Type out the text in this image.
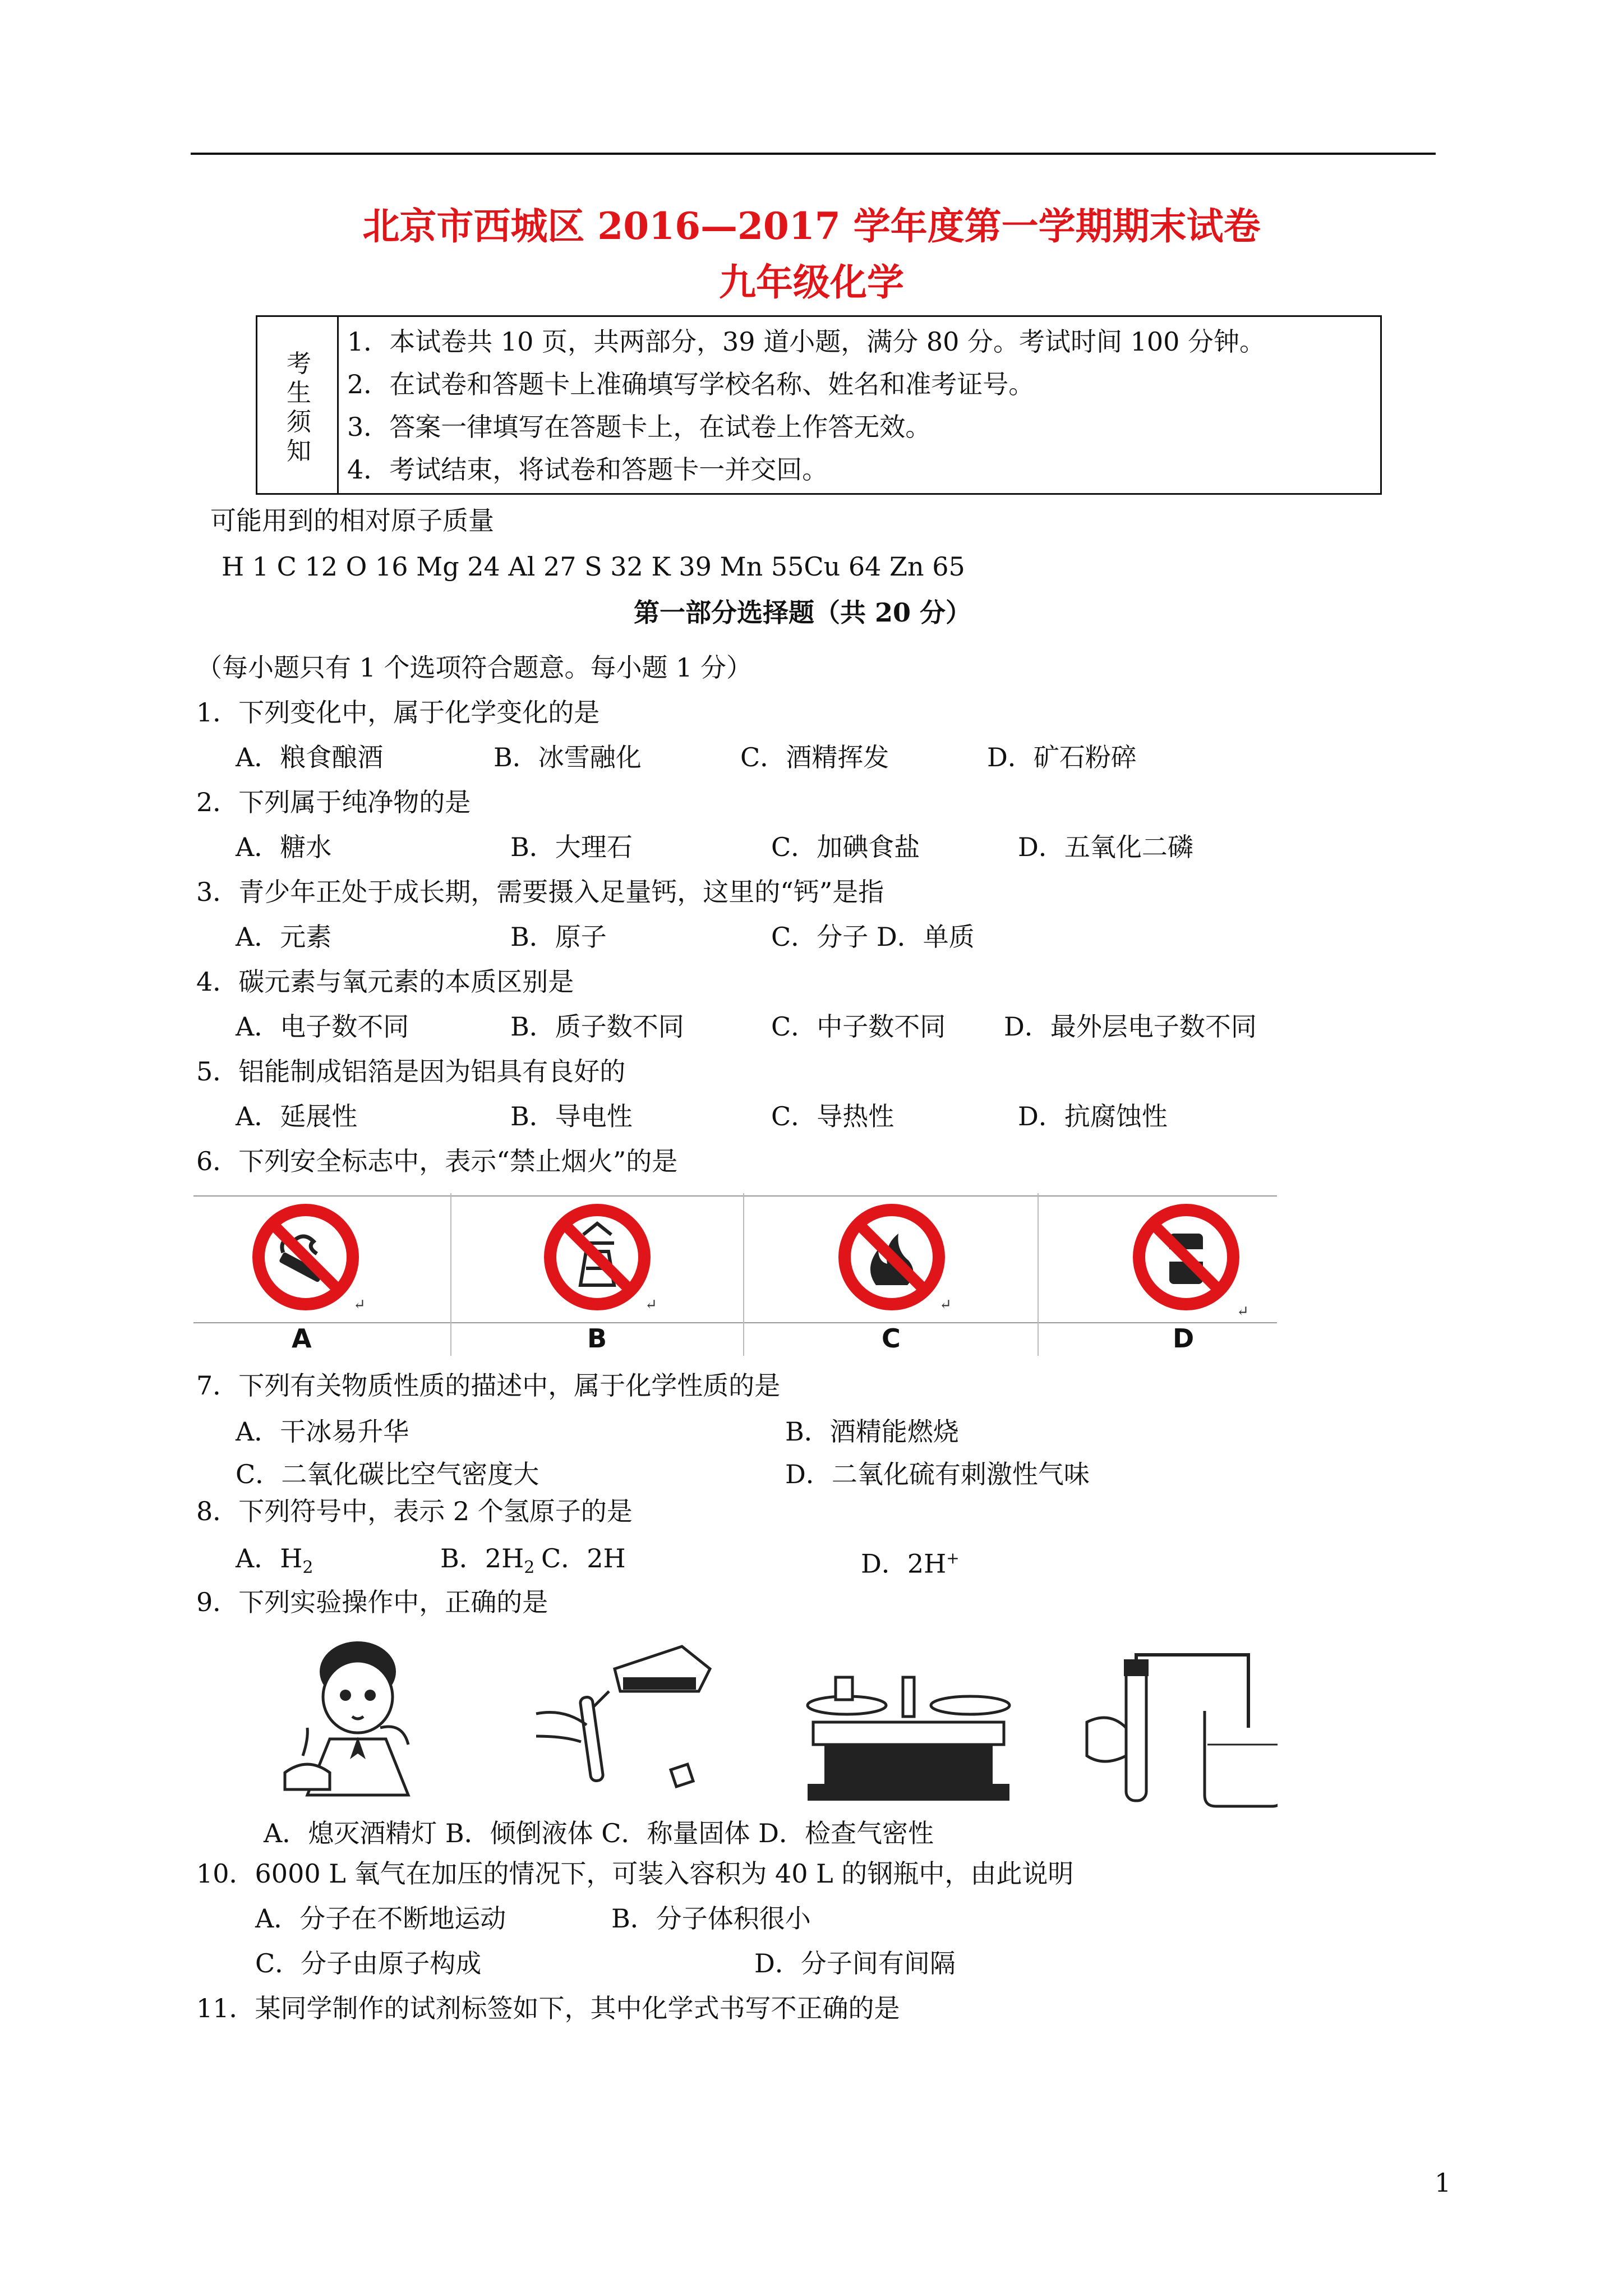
北京市西城区 2016—2017 学年度第一学期期末试卷
九年级化学
考
生
须
知
1．本试卷共 10 页，共两部分，39 道小题，满分 80 分。考试时间 100 分钟。
2．在试卷和答题卡上准确填写学校名称、姓名和准考证号。
3．答案一律填写在答题卡上，在试卷上作答无效。
4．考试结束，将试卷和答题卡一并交回。
可能用到的相对原子质量
H 1 C 12 O 16 Mg 24 Al 27 S 32 K 39 Mn 55Cu 64 Zn 65
第一部分选择题（共 20 分）
（每小题只有 1 个选项符合题意。每小题 1 分）
1．下列变化中，属于化学变化的是
A．粮食酿酒	B．冰雪融化	C．酒精挥发	D．矿石粉碎
2．下列属于纯净物的是
A．糖水	B．大理石	C．加碘食盐	D．五氧化二磷
3．青少年正处于成长期，需要摄入足量钙，这里的“钙”是指
A．元素	B．原子	C．分子 D．单质
4．碳元素与氧元素的本质区别是
A．电子数不同	B．质子数不同	C．中子数不同 D．最外层电子数不同
5．铝能制成铝箔是因为铝具有良好的
A．延展性	B．导电性	C．导热性	D．抗腐蚀性
6．下列安全标志中，表示“禁止烟火”的是
↵	↵	↵	↵
A	B	C	D
7．下列有关物质性质的描述中，属于化学性质的是
A．干冰易升华	B．酒精能燃烧
C．二氧化碳比空气密度大	D．二氧化硫有刺激性气味
8．下列符号中，表示 2 个氢原子的是
A．$H_2$	B．$2H_2$ C．2H	D．2H+
9．下列实验操作中，正确的是
A．熄灭酒精灯 B．倾倒液体 C．称量固体 D．检查气密性
10．6000 L 氧气在加压的情况下，可装入容积为 40 L 的钢瓶中，由此说明
A．分子在不断地运动	B．分子体积很小
C．分子由原子构成	D．分子间有间隔
11．某同学制作的试剂标签如下，其中化学式书写不正确的是
1
